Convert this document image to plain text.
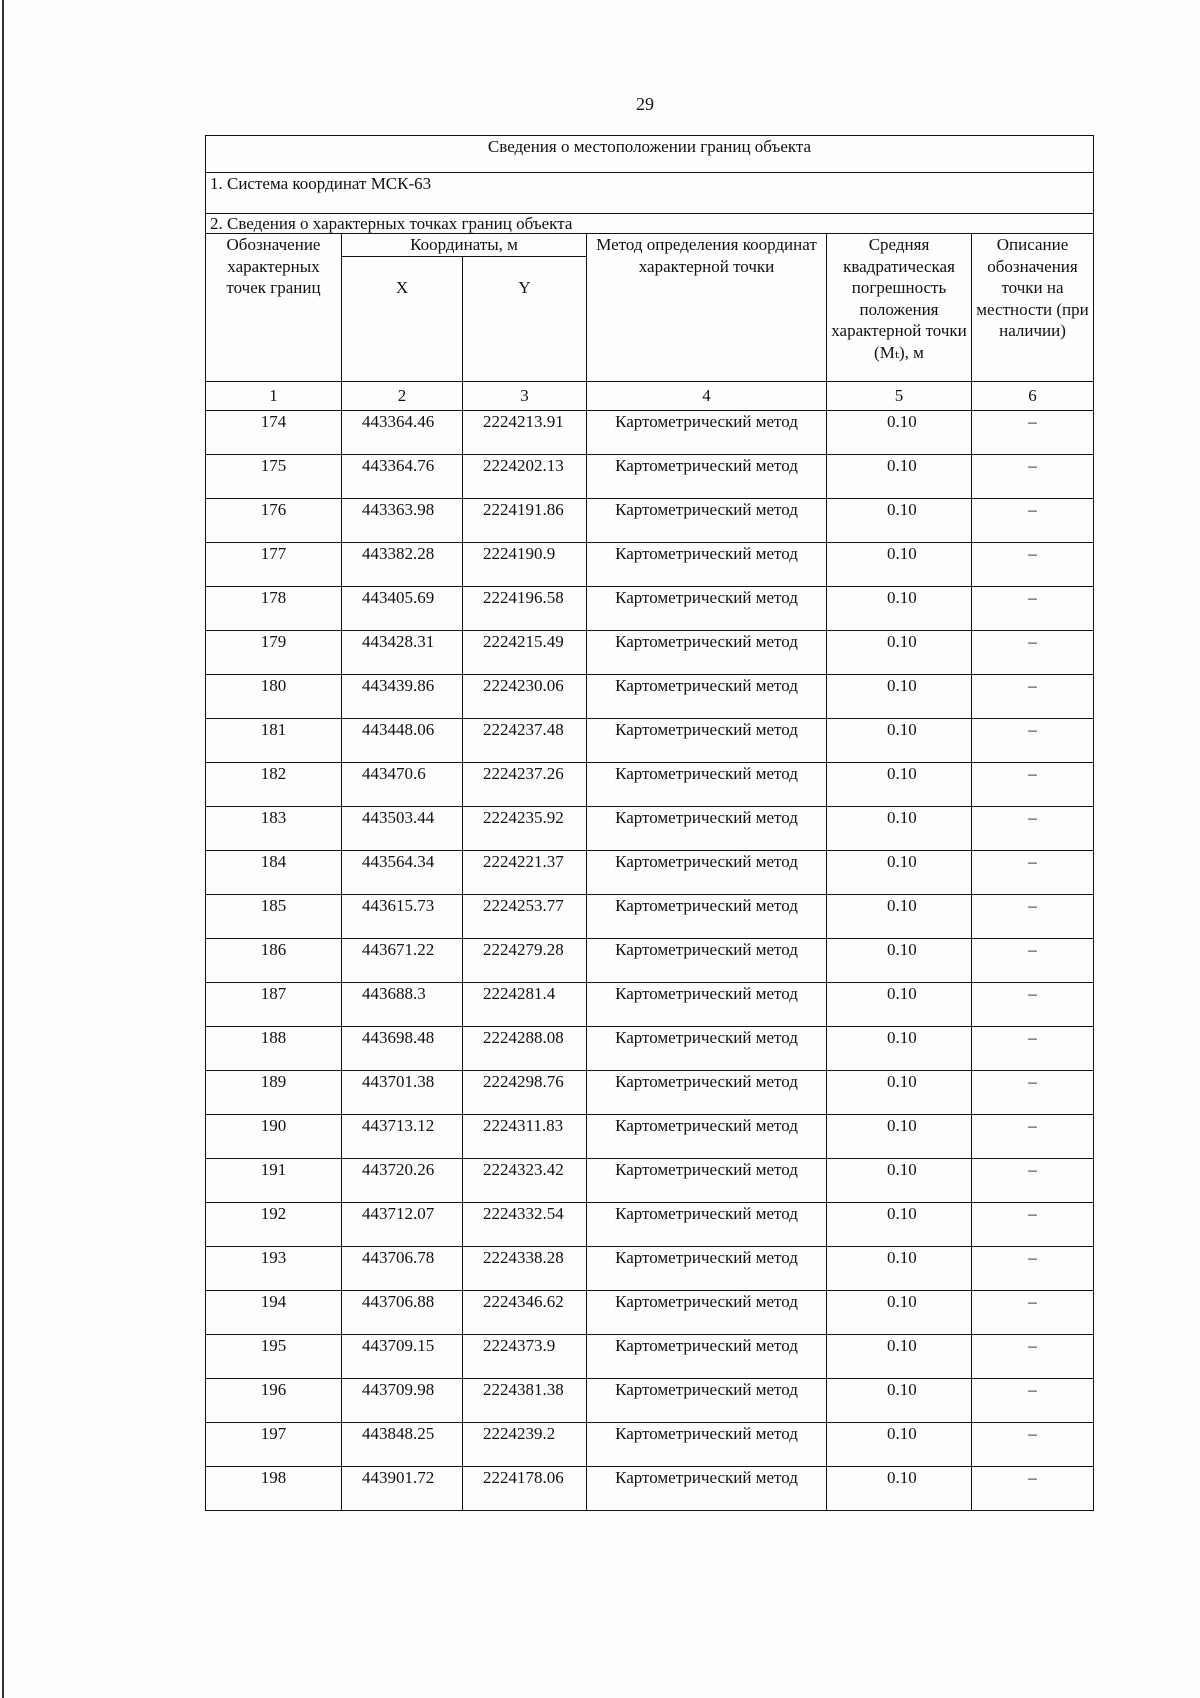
29
Сведения о местоположении границ объекта					
1. Система координат МСК-63					
2. Сведения о характерных точках границ объекта					
Обозначение характерных точек границ	Координаты, м		Метод определения координат характерной точки	Средняя квадратическая погрешность положения характерной точки (Mₜ), м	Описание обозначения точки на местности (при наличии)
	X	Y			
1	2	3	4	5	6
174	443364.46	2224213.91	Картометрический метод	0.10	–
175	443364.76	2224202.13	Картометрический метод	0.10	–
176	443363.98	2224191.86	Картометрический метод	0.10	–
177	443382.28	2224190.9	Картометрический метод	0.10	–
178	443405.69	2224196.58	Картометрический метод	0.10	–
179	443428.31	2224215.49	Картометрический метод	0.10	–
180	443439.86	2224230.06	Картометрический метод	0.10	–
181	443448.06	2224237.48	Картометрический метод	0.10	–
182	443470.6	2224237.26	Картометрический метод	0.10	–
183	443503.44	2224235.92	Картометрический метод	0.10	–
184	443564.34	2224221.37	Картометрический метод	0.10	–
185	443615.73	2224253.77	Картометрический метод	0.10	–
186	443671.22	2224279.28	Картометрический метод	0.10	–
187	443688.3	2224281.4	Картометрический метод	0.10	–
188	443698.48	2224288.08	Картометрический метод	0.10	–
189	443701.38	2224298.76	Картометрический метод	0.10	–
190	443713.12	2224311.83	Картометрический метод	0.10	–
191	443720.26	2224323.42	Картометрический метод	0.10	–
192	443712.07	2224332.54	Картометрический метод	0.10	–
193	443706.78	2224338.28	Картометрический метод	0.10	–
194	443706.88	2224346.62	Картометрический метод	0.10	–
195	443709.15	2224373.9	Картометрический метод	0.10	–
196	443709.98	2224381.38	Картометрический метод	0.10	–
197	443848.25	2224239.2	Картометрический метод	0.10	–
198	443901.72	2224178.06	Картометрический метод	0.10	–
